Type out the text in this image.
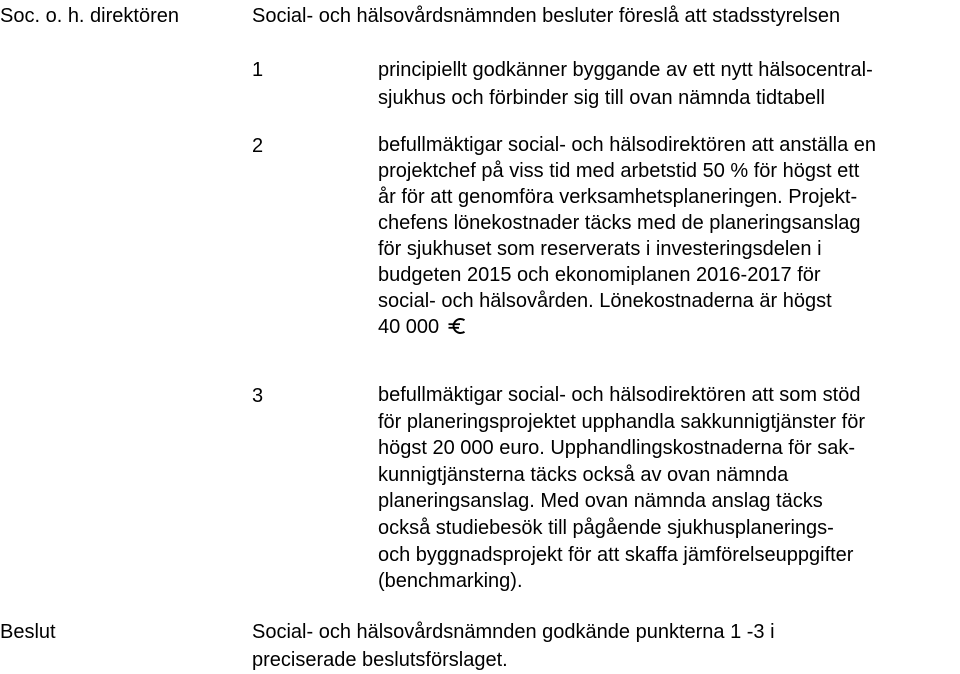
Soc. o. h. direktören	Social- och hälsovårdsnämnden besluter föreslå att stadsstyrelsen

1	principiellt godkänner byggande av ett nytt hälsocentral-
sjukhus och förbinder sig till ovan nämnda tidtabell

2	befullmäktigar social- och hälsodirektören att anställa en
projektchef på viss tid med arbetstid 50 % för högst ett
år för att genomföra verksamhetsplaneringen. Projekt-
chefens lönekostnader täcks med de planeringsanslag
för sjukhuset som reserverats i investeringsdelen i
budgeten 2015 och ekonomiplanen 2016-2017 för
social- och hälsovården. Lönekostnaderna är högst
40 000

3	befullmäktigar social- och hälsodirektören att som stöd
för planeringsprojektet upphandla sakkunnigtjänster för
högst 20 000 euro. Upphandlingskostnaderna för sak-
kunnigtjänsterna täcks också av ovan nämnda
planeringsanslag. Med ovan nämnda anslag täcks
också studiebesök till pågående sjukhusplanerings-
och byggnadsprojekt för att skaffa jämförelseuppgifter
(benchmarking).

Beslut	Social- och hälsovårdsnämnden godkände punkterna 1 -3 i
preciserade beslutsförslaget.
